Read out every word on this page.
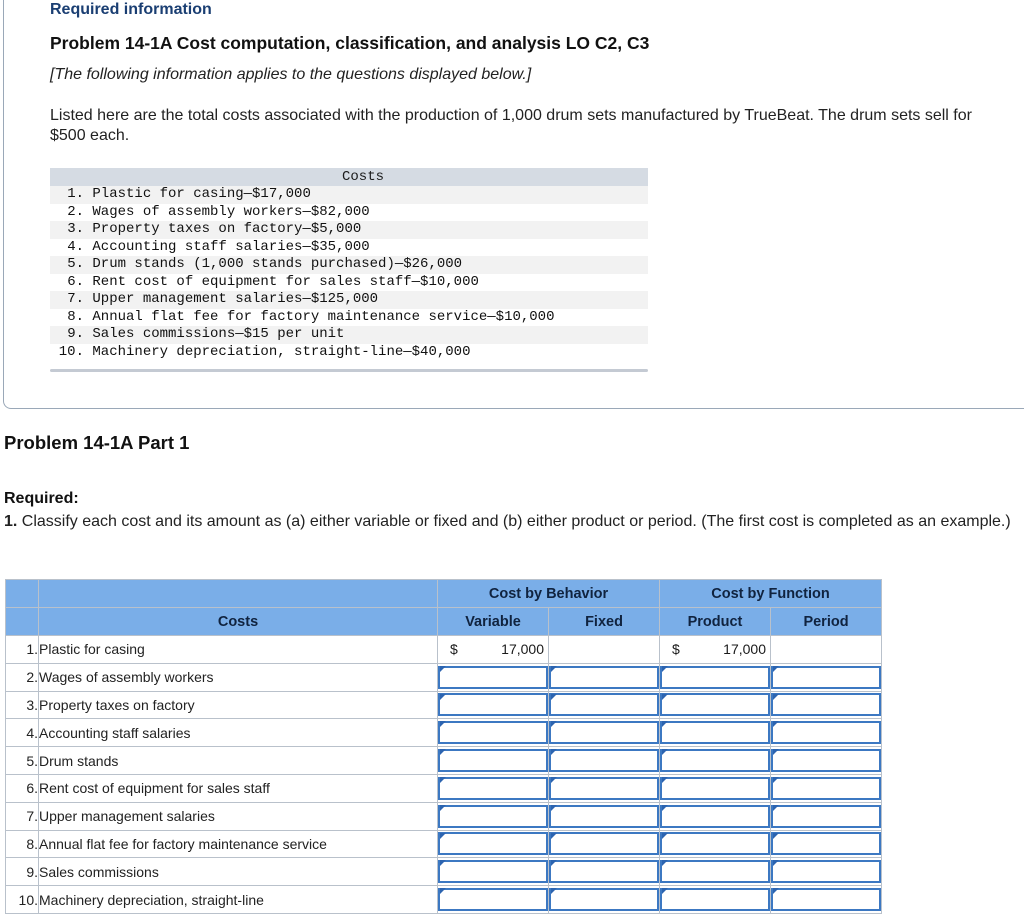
Required information
Problem 14-1A Cost computation, classification, and analysis LO C2, C3
[The following information applies to the questions displayed below.]
Listed here are the total costs associated with the production of 1,000 drum sets manufactured by TrueBeat. The drum sets sell for $500 each.
Costs
1. Plastic for casing—$17,000
2. Wages of assembly workers—$82,000
3. Property taxes on factory—$5,000
4. Accounting staff salaries—$35,000
5. Drum stands (1,000 stands purchased)—$26,000
6. Rent cost of equipment for sales staff—$10,000
7. Upper management salaries—$125,000
8. Annual flat fee for factory maintenance service—$10,000
9. Sales commissions—$15 per unit
10. Machinery depreciation, straight-line—$40,000
Problem 14-1A Part 1
Required:
1. Classify each cost and its amount as (a) either variable or fixed and (b) either product or period. (The first cost is completed as an example.)
		Cost by Behavior		Cost by Function	
	Costs	Variable	Fixed	Product	Period
1.	Plastic for casing	$ 17,000		$ 17,000	

2.	Wages of assembly workers	

3.	Property taxes on factory	

4.	Accounting staff salaries	

5.	Drum stands	

6.	Rent cost of equipment for sales staff	

7.	Upper management salaries	

8.	Annual flat fee for factory maintenance service	

9.	Sales commissions	

10.	Machinery depreciation, straight-line	
